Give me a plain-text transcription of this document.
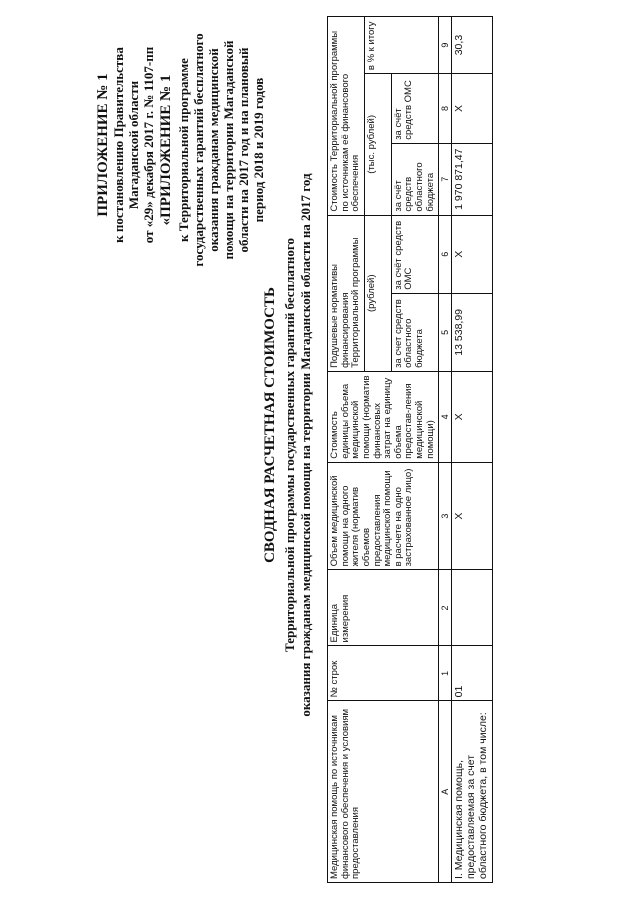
ПРИЛОЖЕНИЕ № 1 к постановлению Правительства Магаданской области от «29» декабря 2017 г. № 1107-пп «ПРИЛОЖЕНИЕ № 1 к Территориальной программе государственных гарантий бесплатного оказания гражданам медицинской помощи на территории Магаданской области на 2017 год и на плановый период 2018 и 2019 годов
СВОДНАЯ РАСЧЕТНАЯ СТОИМОСТЬ Территориальной программы государственных гарантий бесплатного оказания гражданам медицинской помощи на территории Магаданской области на 2017 год
Медицинская помощь по источникам финансового обеспечения и условиям предоставления	№ строк	Единица измерения	Объем медицинской помощи на одного жителя (норматив объемов предоставления медицинской помощи в расчете на одно застрахованное лицо)	Стоимость единицы объема медицинской помощи (норматив финансовых затрат на единицу объема предостав-ления медицинской помощи)	Подушевые нормативы финансирования Территориальной программы		Стоимость Территориальной программы по источникам её финансового обеспечения		
					(рублей)		(тыс. рублей)		в % к итогу
					за счет средств областного бюджета	за счёт средств ОМС	за счёт средств областного бюджета	за счёт средств ОМС	
A	1	2	3	4	5	6	7	8	9
I. Медицинская помощь, предоставляемая за счет областного бюджета, в том числе:	01		Х	Х	13 538,99	Х	1 970 871,47	Х	30,3
